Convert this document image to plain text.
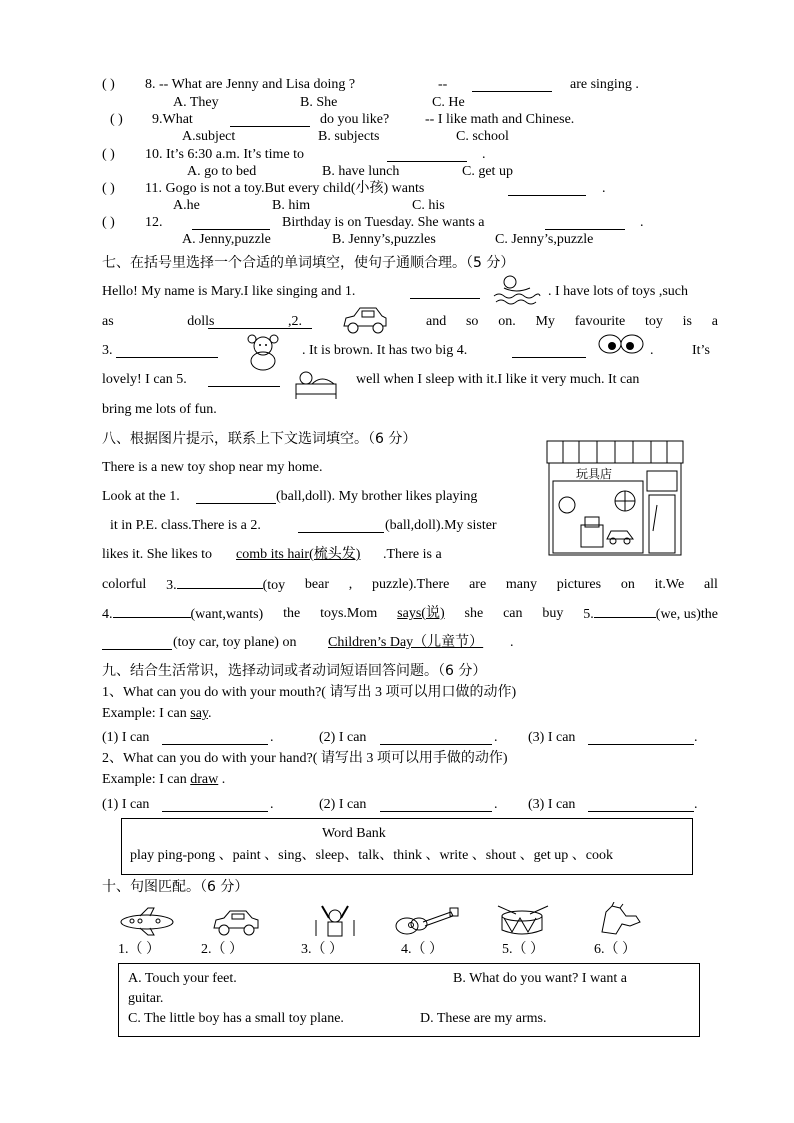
( ) 8. -- What are Jenny and Lisa doing ?	--	are singing .
A. They	B. She	C. He
( ) 9.What	do you like?	-- I like math and Chinese.
A.subject	B. subjects	C. school
( ) 10. It’s 6:30 a.m. It’s time to	.
A. go to bed	B. have lunch	C. get up
( ) 11. Gogo is not a toy.But every child(小孩) wants	.
A.he	B. him	C. his
( ) 12.	Birthday is on Tuesday. She wants a	.
A. Jenny,puzzle	B. Jenny’s,puzzles	C. Jenny’s,puzzle
七、在括号里选择一个合适的单词填空，使句子通顺合理。（5 分）
Hello! My name is Mary.I like singing and 1.	. I have lots of toys ,such
as	dolls	,2.	and so on. My favourite toy is a
3.	. It is brown. It has two big 4.	.	It’s
lovely! I can 5.	well when I sleep with it.I like it very much. It can
bring me lots of fun.
八、根据图片提示，联系上下文选词填空。（6 分）
玩具店
There is a new toy shop near my home.
Look at the 1.	(ball,doll). My brother likes playing
it in P.E. class.There is a 2.	(ball,doll).My sister
likes it. She likes to comb its hair(梳头发) .There is a
colorful 3.	(toy bear , puzzle).There are many pictures on it.We all
4.	(want,wants) the toys.Mom says(说) she can buy 5.	(we, us)the
(toy car, toy plane) on Children’s Day（儿童节） .
九、结合生活常识，选择动词或者动词短语回答问题。（6 分）
1、What can you do with your mouth?( 请写出 3 项可以用口做的动作)
Example: I can say.
(1) I can	.	(2) I can	. (3) I can	.
2、What can you do with your hand?( 请写出 3 项可以用手做的动作)
Example: I can draw .
(1) I can	.	(2) I can	. (3) I can	.
Word Bank
play ping-pong 、paint 、sing、sleep、talk、think 、write 、shout 、get up 、cook
十、句图匹配。（6 分）
1.（ ）	2.（ ）	3.（ ）	4.（ ）	5.（ ）	6.（ ）
A. Touch your feet.	B. What do you want? I want a
guitar.
C. The little boy has a small toy plane.	D. These are my arms.
